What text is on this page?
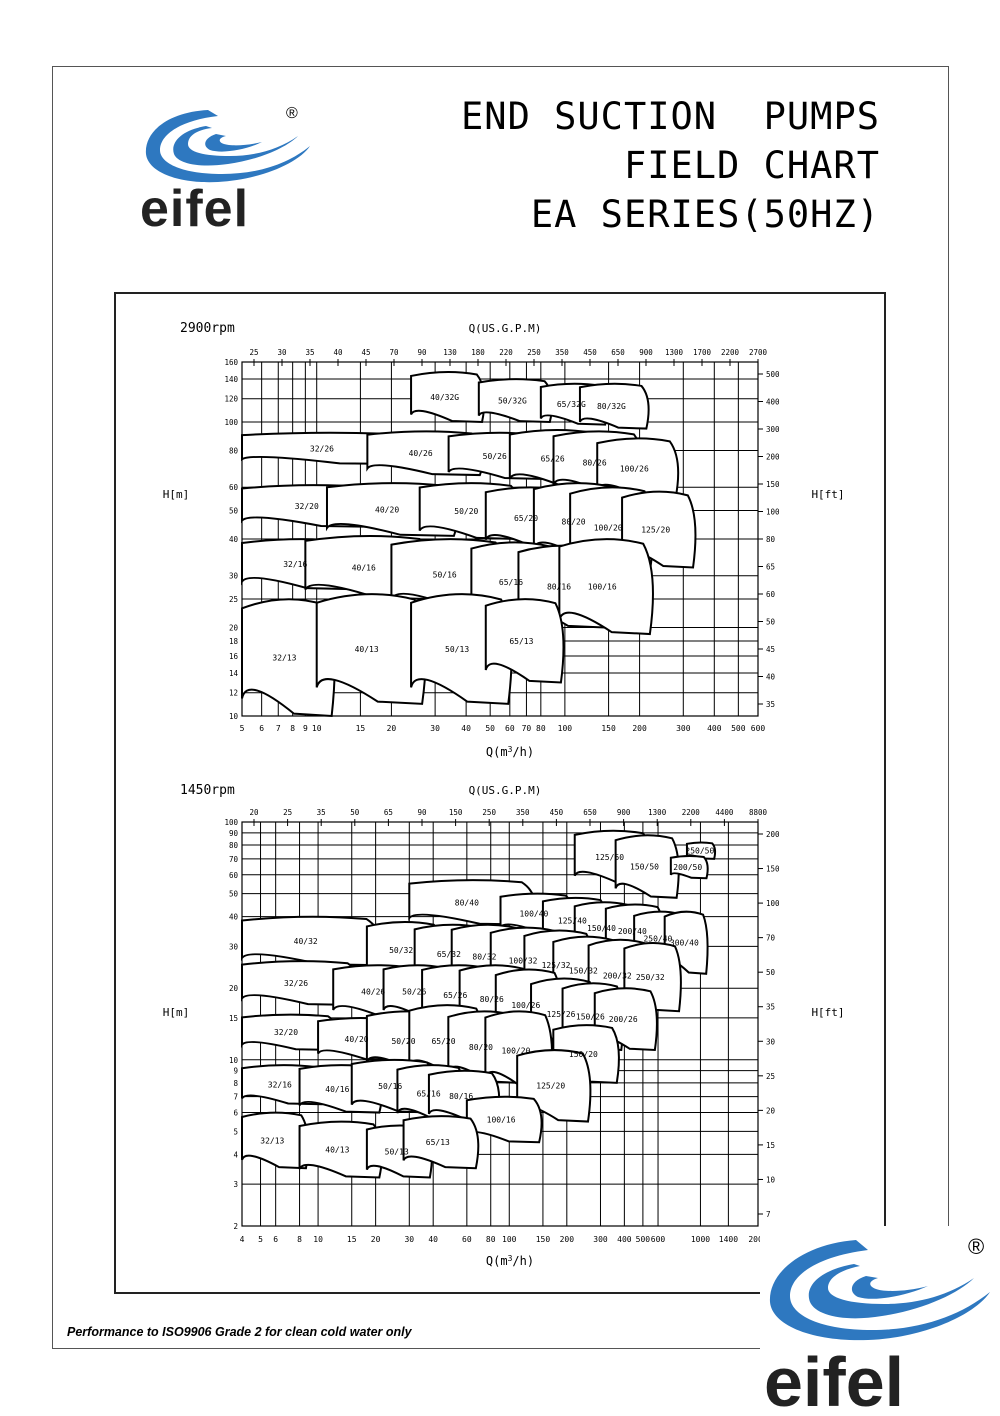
®
eifel
END SUCTION  PUMPS
FIELD CHART
EA SERIES(50HZ)
$Q(m^3/h)$
5 6 7 8 9 10	15	20	30	40 50 60 70 80 100	150 200	300 400 500 600
10
12
14
16
18
20
25
30
40
50
60
80
100
120
140
160
25	30	35	40	45	70	90 130 180 220 250 350 450 650 900 1300 1700 2200 2700
35
40
45
50
60
65
80
100
150
200
300
400
500
2900rpm	Q(US.G.P.M)
H[m]	H[ft]
40/32G	50/32G	65/32G 80/32G
32/26
40/26	50/26	65/26 80/26
100/26
32/20	40/20	50/20
65/20	80/20
100/20 125/20
32/16	40/16
50/16
65/16
80/16 100/16
32/13
40/13	50/13
65/13
$Q(m^3/h)$
4 5 6 8 10	15 20	30 40	60 80 100 150 200 300 400 500 600	1000 1400 2000
2
3
4
5
6
7
8
9
10
15
20
30
40
50
60
70
80
90
100
20	25	35	50	65	90	150	250	350	450	650	900 1300 2200 4400 8800
7
10
15
20
25
30
35
50
70
100
150
200
1450rpm	Q(US.G.P.M)
H[m]	H[ft]
125/50
150/50
250/50
200/50
80/40
100/40
125/40
150/40 200/40
250/40
300/40
40/32
50/32	65/32 80/32 100/32 125/32
150/32
200/32 250/32
32/26
40/26 50/26 65/26 80/26
100/26
125/26 150/26 200/26
32/20
40/20	50/20 65/20
80/20 100/20	150/20
125/20
32/16	40/16	50/16
65/16 80/16
100/16
32/13
40/13	50/13
65/13
Performance to ISO9906 Grade 2 for clean cold water only
®
eifel
